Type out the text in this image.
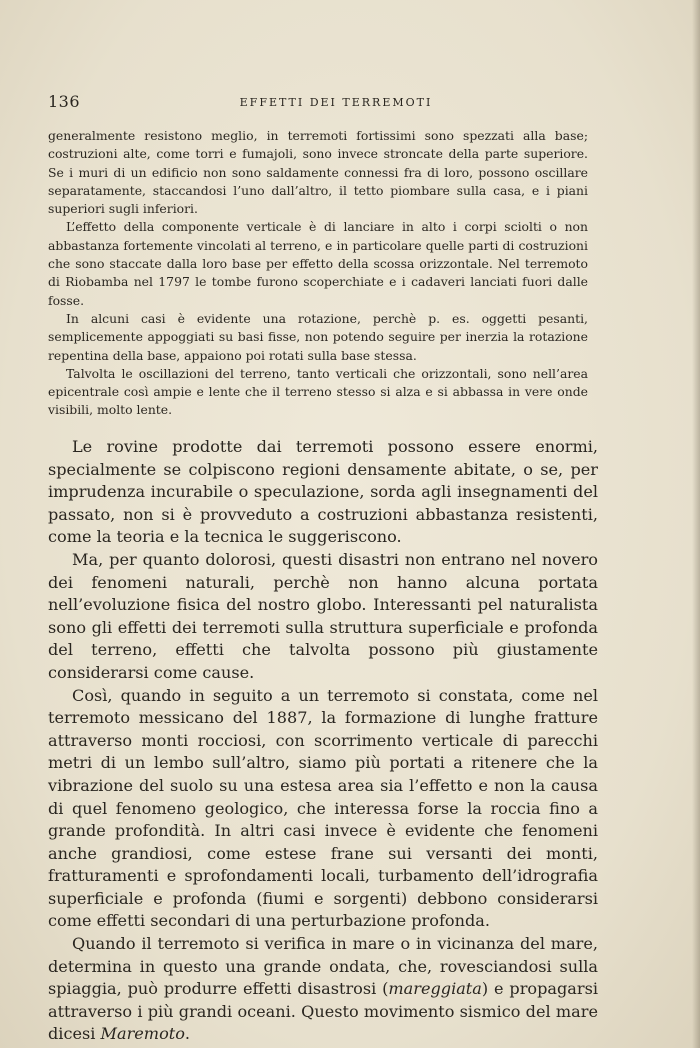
136	EFFETTI DEI TERREMOTI

generalmente resistono meglio, in terremoti fortissimi sono spezzati alla base; costruzioni alte, come torri e fumajoli, sono invece stroncate della parte superiore. Se i muri di un edificio non sono saldamente connessi fra di loro, possono oscillare separatamente, staccandosi l’uno dall’altro, il tetto piombare sulla casa, e i piani superiori sugli inferiori.

L’effetto della componente verticale è di lanciare in alto i corpi sciolti o non abbastanza fortemente vincolati al terreno, e in particolare quelle parti di costruzioni che sono staccate dalla loro base per effetto della scossa orizzontale. Nel terremoto di Riobamba nel 1797 le tombe furono scoperchiate e i cadaveri lanciati fuori dalle fosse.

In alcuni casi è evidente una rotazione, perchè p. es. oggetti pesanti, semplicemente appoggiati su basi fisse, non potendo seguire per inerzia la rotazione repentina della base, appaiono poi rotati sulla base stessa.

Talvolta le oscillazioni del terreno, tanto verticali che orizzontali, sono nell’area epicentrale così ampie e lente che il terreno stesso si alza e si abbassa in vere onde visibili, molto lente.

Le rovine prodotte dai terremoti possono essere enormi, specialmente se colpiscono regioni densamente abitate, o se, per imprudenza incurabile o speculazione, sorda agli insegnamenti del passato, non si è provveduto a costruzioni abbastanza resistenti, come la teoria e la tecnica le suggeriscono.

Ma, per quanto dolorosi, questi disastri non entrano nel novero dei fenomeni naturali, perchè non hanno alcuna portata nell’evoluzione fisica del nostro globo. Interessanti pel naturalista sono gli effetti dei terremoti sulla struttura superficiale e profonda del terreno, effetti che talvolta possono più giustamente considerarsi come cause.

Così, quando in seguito a un terremoto si constata, come nel terremoto messicano del 1887, la formazione di lunghe fratture attraverso monti rocciosi, con scorrimento verticale di parecchi metri di un lembo sull’altro, siamo più portati a ritenere che la vibrazione del suolo su una estesa area sia l’effetto e non la causa di quel fenomeno geologico, che interessa forse la roccia fino a grande profondità. In altri casi invece è evidente che fenomeni anche grandiosi, come estese frane sui versanti dei monti, fratturamenti e sprofondamenti locali, turbamento dell’idrografia superficiale e profonda (fiumi e sorgenti) debbono considerarsi come effetti secondari di una perturbazione profonda.

Quando il terremoto si verifica in mare o in vicinanza del mare, determina in questo una grande ondata, che, rovesciandosi sulla spiaggia, può produrre effetti disastrosi (mareggiata) e propagarsi attraverso i più grandi oceani. Questo movimento sismico del mare dicesi Maremoto.
